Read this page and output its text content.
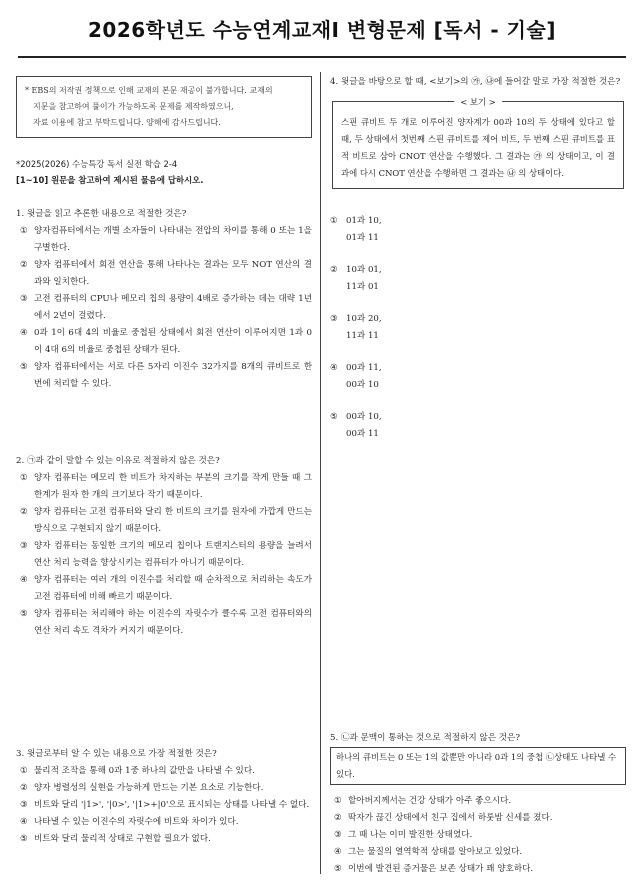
2026학년도 수능연계교재Ⅰ 변형문제 [독서 - 기술]
* EBS의 저작권 정책으로 인해 교재의 본문 재공이 불가합니다. 교재의
지문을 참고하여 풀이가 가능하도록 문제를 제작하였으니,
자료 이용에 참고 부탁드립니다. 양해에 감사드립니다.
*2025(2026) 수능특강 독서 실전 학습 2-4
[1~10] 원문을 참고하여 제시된 물음에 답하시오.
1. 윗글을 읽고 추론한 내용으로 적절한 것은?
① 양자컴퓨터에서는 개별 소자들이 나타내는 전압의 차이를 통해 0 또는 1을 구별한다.
② 양자 컴퓨터에서 회전 연산을 통해 나타나는 결과는 모두 NOT 연산의 결과와 일치한다.
③ 고전 컴퓨터의 CPU나 메모리 칩의 용량이 4배로 증가하는 데는 대략 1년에서 2년이 걸렸다.
④ 0과 1이 6대 4의 비율로 중첩된 상태에서 회전 연산이 이루어지면 1과 0이 4대 6의 비율로 중첩된 상태가 된다.
⑤ 양자 컴퓨터에서는 서로 다른 5자리 이진수 32가지를 8개의 큐비트로 한 번에 처리할 수 있다.
2. ㉠과 같이 말할 수 있는 이유로 적절하지 않은 것은?
① 양자 컴퓨터는 메모리 한 비트가 차지하는 부분의 크기를 작게 만들 때 그 한계가 원자 한 개의 크기보다 작기 때문이다.
② 양자 컴퓨터는 고전 컴퓨터와 달리 한 비트의 크기를 원자에 가깝게 만드는 방식으로 구현되지 않기 때문이다.
③ 양자 컴퓨터는 동일한 크기의 메모리 칩이나 트랜지스터의 용량을 늘려서 연산 처리 능력을 향상시키는 컴퓨터가 아니기 때문이다.
④ 양자 컴퓨터는 여러 개의 이진수를 처리할 때 순차적으로 처리하는 속도가 고전 컴퓨터에 비해 빠르기 때문이다.
⑤ 양자 컴퓨터는 처리해야 하는 이진수의 자릿수가 클수록 고전 컴퓨터와의 연산 처리 속도 격차가 커지기 때문이다.
3. 윗글로부터 알 수 있는 내용으로 가장 적절한 것은?
① 물리적 조작을 통해 0과 1중 하나의 값만을 나타낼 수 있다.
② 양자 병렬성의 실현을 가능하게 만드는 기본 요소로 기능한다.
③ 비트와 달리 '|1>', '|0>', '|1>+|0'으로 표시되는 상태를 나타낼 수 없다.
④ 나타낼 수 있는 이진수의 자릿수에 비트와 차이가 있다.
⑤ 비트와 달리 물리적 상태로 구현할 필요가 없다.
4. 윗글을 바탕으로 할 때, <보기>의 ㉮, ㉯에 들어갈 말로 가장 적절한 것은?
< 보기 >
스핀 큐비트 두 개로 이루어진 양자계가 00과 10의 두 상태에 있다고 할 때, 두 상태에서 첫번째 스핀 큐비트를 제어 비트, 두 번째 스핀 큐비트를 표적 비트로 삼아 CNOT 연산을 수행했다. 그 결과는 ㉮ 의 상태이고, 이 결과에 다시 CNOT 연산을 수행하면 그 결과는 ㉯ 의 상태이다.
① 01과 10,
01과 11
② 10과 01,
11과 01
③ 10과 20,
11과 11
④ 00과 11,
00과 10
⑤ 00과 10,
00과 11
5. ㉡과 문맥이 통하는 것으로 적절하지 않은 것은?
하나의 큐비트는 0 또는 1의 값뿐만 아니라 0과 1의 중첩 ㉡상태도 나타낼 수 있다.
① 할아버지께서는 건강 상태가 아주 좋으시다.
② 딱자가 끊긴 상태에서 친구 집에서 하룻밤 신세를 졌다.
③ 그 때 나는 이미 발진한 상태였다.
④ 그는 물질의 열역학적 상태를 알아보고 있었다.
⑤ 이번에 발견된 증거물은 보존 상태가 꽤 양호하다.
